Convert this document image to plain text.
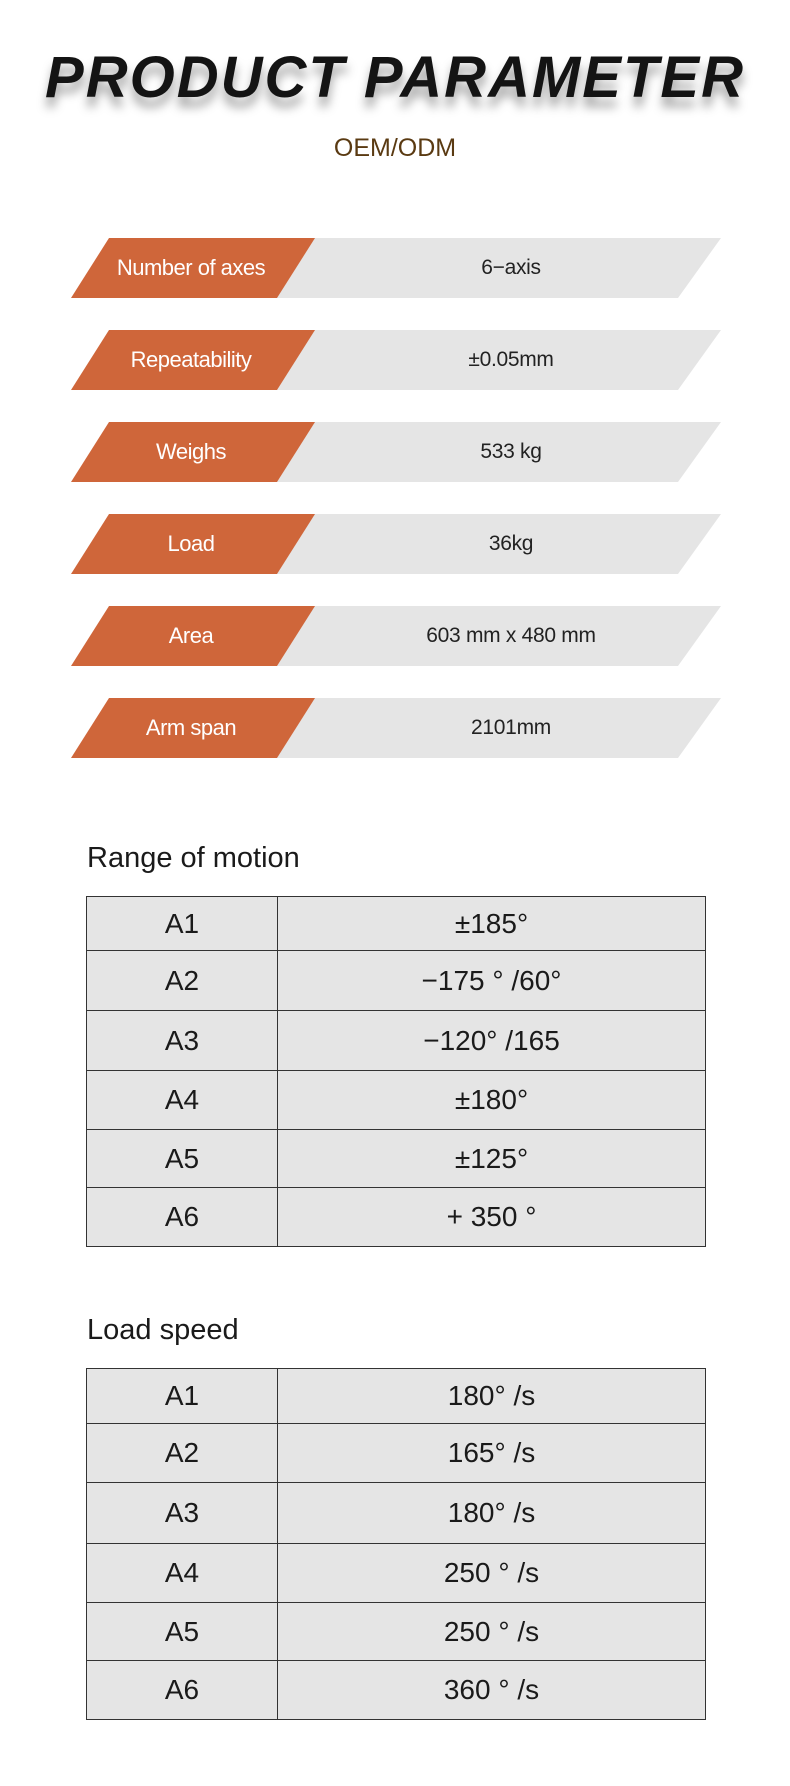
PRODUCT PARAMETER
OEM/ODM
Number of axes	6−axis
Repeatability	±0.05mm
Weighs	533 kg
Load	36kg
Area	603 mm x 480 mm
Arm span	2101mm
Range of motion
A1	±185°
A2	−175 ° /60°
A3	−120° /165
A4	±180°
A5	±125°
A6	+ 350 °
Load speed
A1	180° /s
A2	165° /s
A3	180° /s
A4	250 ° /s
A5	250 ° /s
A6	360 ° /s
